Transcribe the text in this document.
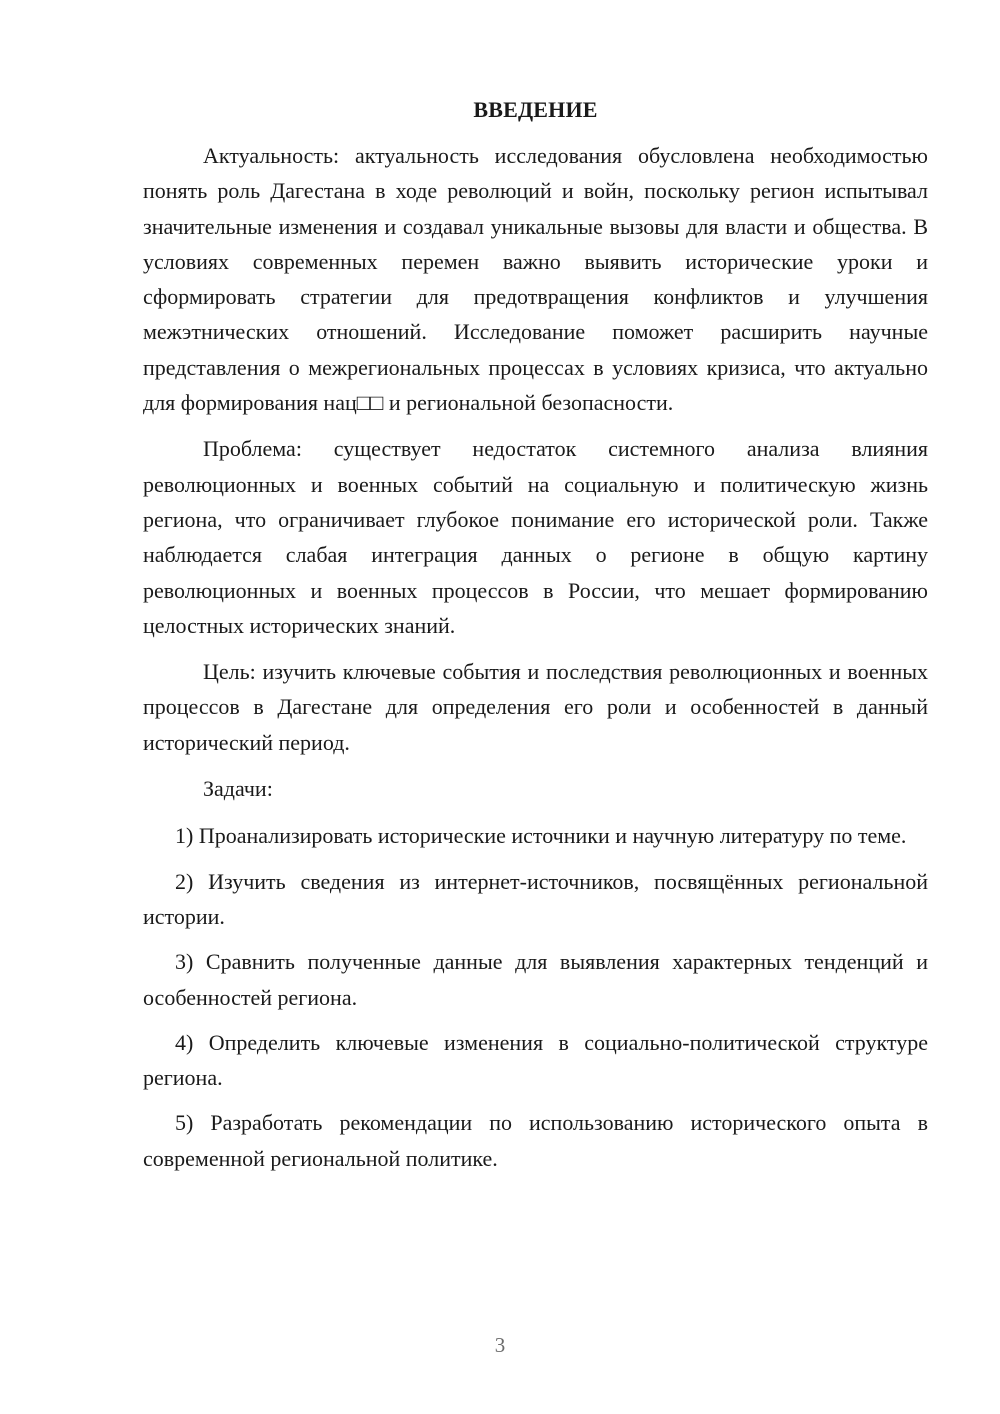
ВВЕДЕНИЕ

Актуальность: актуальность исследования обусловлена необходимостью понять роль Дагестана в ходе революций и войн, поскольку регион испытывал значительные изменения и создавал уникальные вызовы для власти и общества. В условиях современных перемен важно выявить исторические уроки и сформировать стратегии для предотвращения конфликтов и улучшения межэтнических отношений. Исследование поможет расширить научные представления о межрегиональных процессах в условиях кризиса, что актуально для формирования нац□□ и региональной безопасности.

Проблема: существует недостаток системного анализа влияния революционных и военных событий на социальную и политическую жизнь региона, что ограничивает глубокое понимание его исторической роли. Также наблюдается слабая интеграция данных о регионе в общую картину революционных и военных процессов в России, что мешает формированию целостных исторических знаний.

Цель: изучить ключевые события и последствия революционных и военных процессов в Дагестане для определения его роли и особенностей в данный исторический период.

Задачи:

1) Проанализировать исторические источники и научную литературу по теме.

2) Изучить сведения из интернет-источников, посвящённых региональной истории.

3) Сравнить полученные данные для выявления характерных тенденций и особенностей региона.

4) Определить ключевые изменения в социально-политической структуре региона.

5) Разработать рекомендации по использованию исторического опыта в современной региональной политике.

3
